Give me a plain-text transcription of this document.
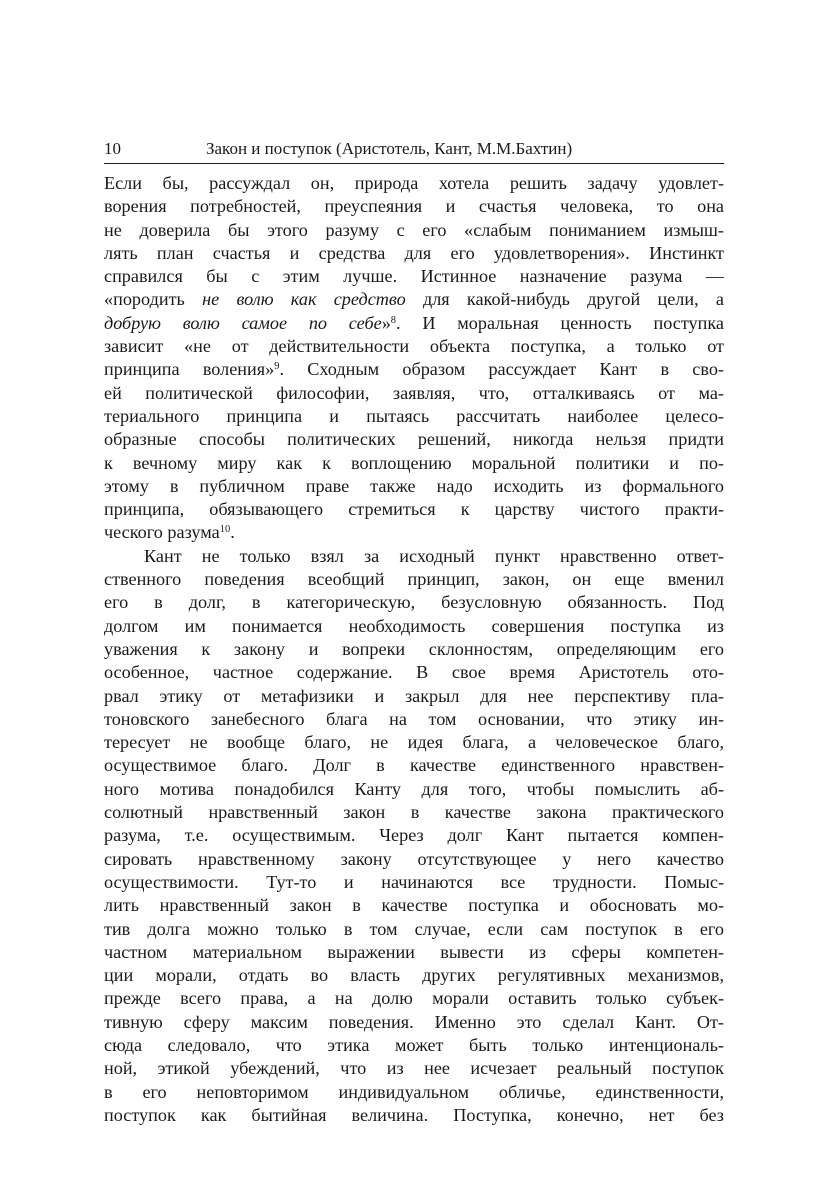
10	Закон и поступок (Аристотель, Кант, М.М.Бахтин)
Если бы, рассуждал он, природа хотела решить задачу удовлет-
ворения потребностей, преуспеяния и счастья человека, то она
не доверила бы этого разуму с его «слабым пониманием измыш-
лять план счастья и средства для его удовлетворения». Инстинкт
справился бы с этим лучше. Истинное назначение разума —
«породить не волю как средство для какой-нибудь другой цели, а
добрую волю самое по себе»$^8$. И моральная ценность поступка
зависит «не от действительности объекта поступка, а только от
принципа воления»$^9$. Сходным образом рассуждает Кант в сво-
ей политической философии, заявляя, что, отталкиваясь от ма-
териального принципа и пытаясь рассчитать наиболее целесо-
образные способы политических решений, никогда нельзя придти
к вечному миру как к воплощению моральной политики и по-
этому в публичном праве также надо исходить из формального
принципа, обязывающего стремиться к царству чистого практи-
ческого разума$^{10}$.
Кант не только взял за исходный пункт нравственно ответ-
ственного поведения всеобщий принцип, закон, он еще вменил
его в долг, в категорическую, безусловную обязанность. Под
долгом им понимается необходимость совершения поступка из
уважения к закону и вопреки склонностям, определяющим его
особенное, частное содержание. В свое время Аристотель ото-
рвал этику от метафизики и закрыл для нее перспективу пла-
тоновского занебесного блага на том основании, что этику ин-
тересует не вообще благо, не идея блага, а человеческое благо,
осуществимое благо. Долг в качестве единственного нравствен-
ного мотива понадобился Канту для того, чтобы помыслить аб-
солютный нравственный закон в качестве закона практического
разума, т.е. осуществимым. Через долг Кант пытается компен-
сировать нравственному закону отсутствующее у него качество
осуществимости. Тут-то и начинаются все трудности. Помыс-
лить нравственный закон в качестве поступка и обосновать мо-
тив долга можно только в том случае, если сам поступок в его
частном материальном выражении вывести из сферы компетен-
ции морали, отдать во власть других регулятивных механизмов,
прежде всего права, а на долю морали оставить только субъек-
тивную сферу максим поведения. Именно это сделал Кант. От-
сюда следовало, что этика может быть только интенциональ-
ной, этикой убеждений, что из нее исчезает реальный поступок
в его неповторимом индивидуальном обличье, единственности,
поступок как бытийная величина. Поступка, конечно, нет без
